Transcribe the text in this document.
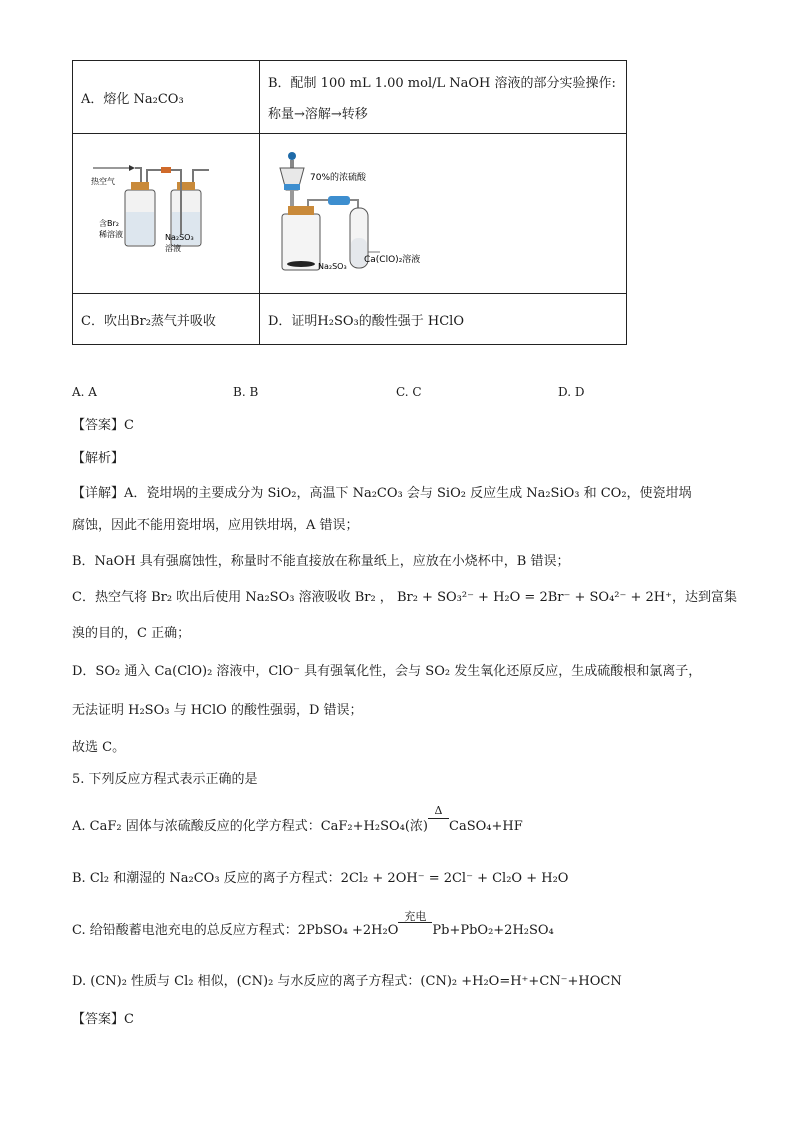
A．熔化 Na₂CO₃	B．配制 100 mL 1.00 mol/L NaOH 溶液的部分实验操作:
称量→溶解→转移

热空气
含Br₂
稀溶液 Na₂SO₃
溶液	70%的浓硫酸
Na₂SO₃
Ca(ClO)₂溶液

C．吹出Br₂蒸气并吸收	D．证明H₂SO₃的酸性强于 HClO
A. A	B. B	C. C	D. D
【答案】C
【解析】
【详解】A．瓷坩埚的主要成分为 SiO₂，高温下 Na₂CO₃ 会与 SiO₂ 反应生成 Na₂SiO₃ 和 CO₂，使瓷坩埚
腐蚀，因此不能用瓷坩埚，应用铁坩埚，A 错误；
B．NaOH 具有强腐蚀性，称量时不能直接放在称量纸上，应放在小烧杯中，B 错误；
C．热空气将 Br₂ 吹出后使用 Na₂SO₃ 溶液吸收 Br₂ ， Br₂ + SO₃²⁻ + H₂O = 2Br⁻ + SO₄²⁻ + 2H⁺，达到富集
溴的目的，C 正确；
D．SO₂ 通入 Ca(ClO)₂ 溶液中，ClO⁻ 具有强氧化性，会与 SO₂ 发生氧化还原反应，生成硫酸根和氯离子，
无法证明 H₂SO₃ 与 HClO 的酸性强弱，D 错误；
故选 C。
5. 下列反应方程式表示正确的是
A. CaF₂ 固体与浓硫酸反应的化学方程式：CaF₂+H₂SO₄(浓)
Δ
 CaSO₄+HF
B. Cl₂ 和潮湿的 Na₂CO₃ 反应的离子方程式：2Cl₂ + 2OH⁻ = 2Cl⁻ + Cl₂O + H₂O
C. 给铅酸蓄电池充电的总反应方程式：2PbSO₄ +2H₂O
充电
  Pb+PbO₂+2H₂SO₄
D. (CN)₂ 性质与 Cl₂ 相似，(CN)₂ 与水反应的离子方程式：(CN)₂ +H₂O=H⁺+CN⁻+HOCN
【答案】C
